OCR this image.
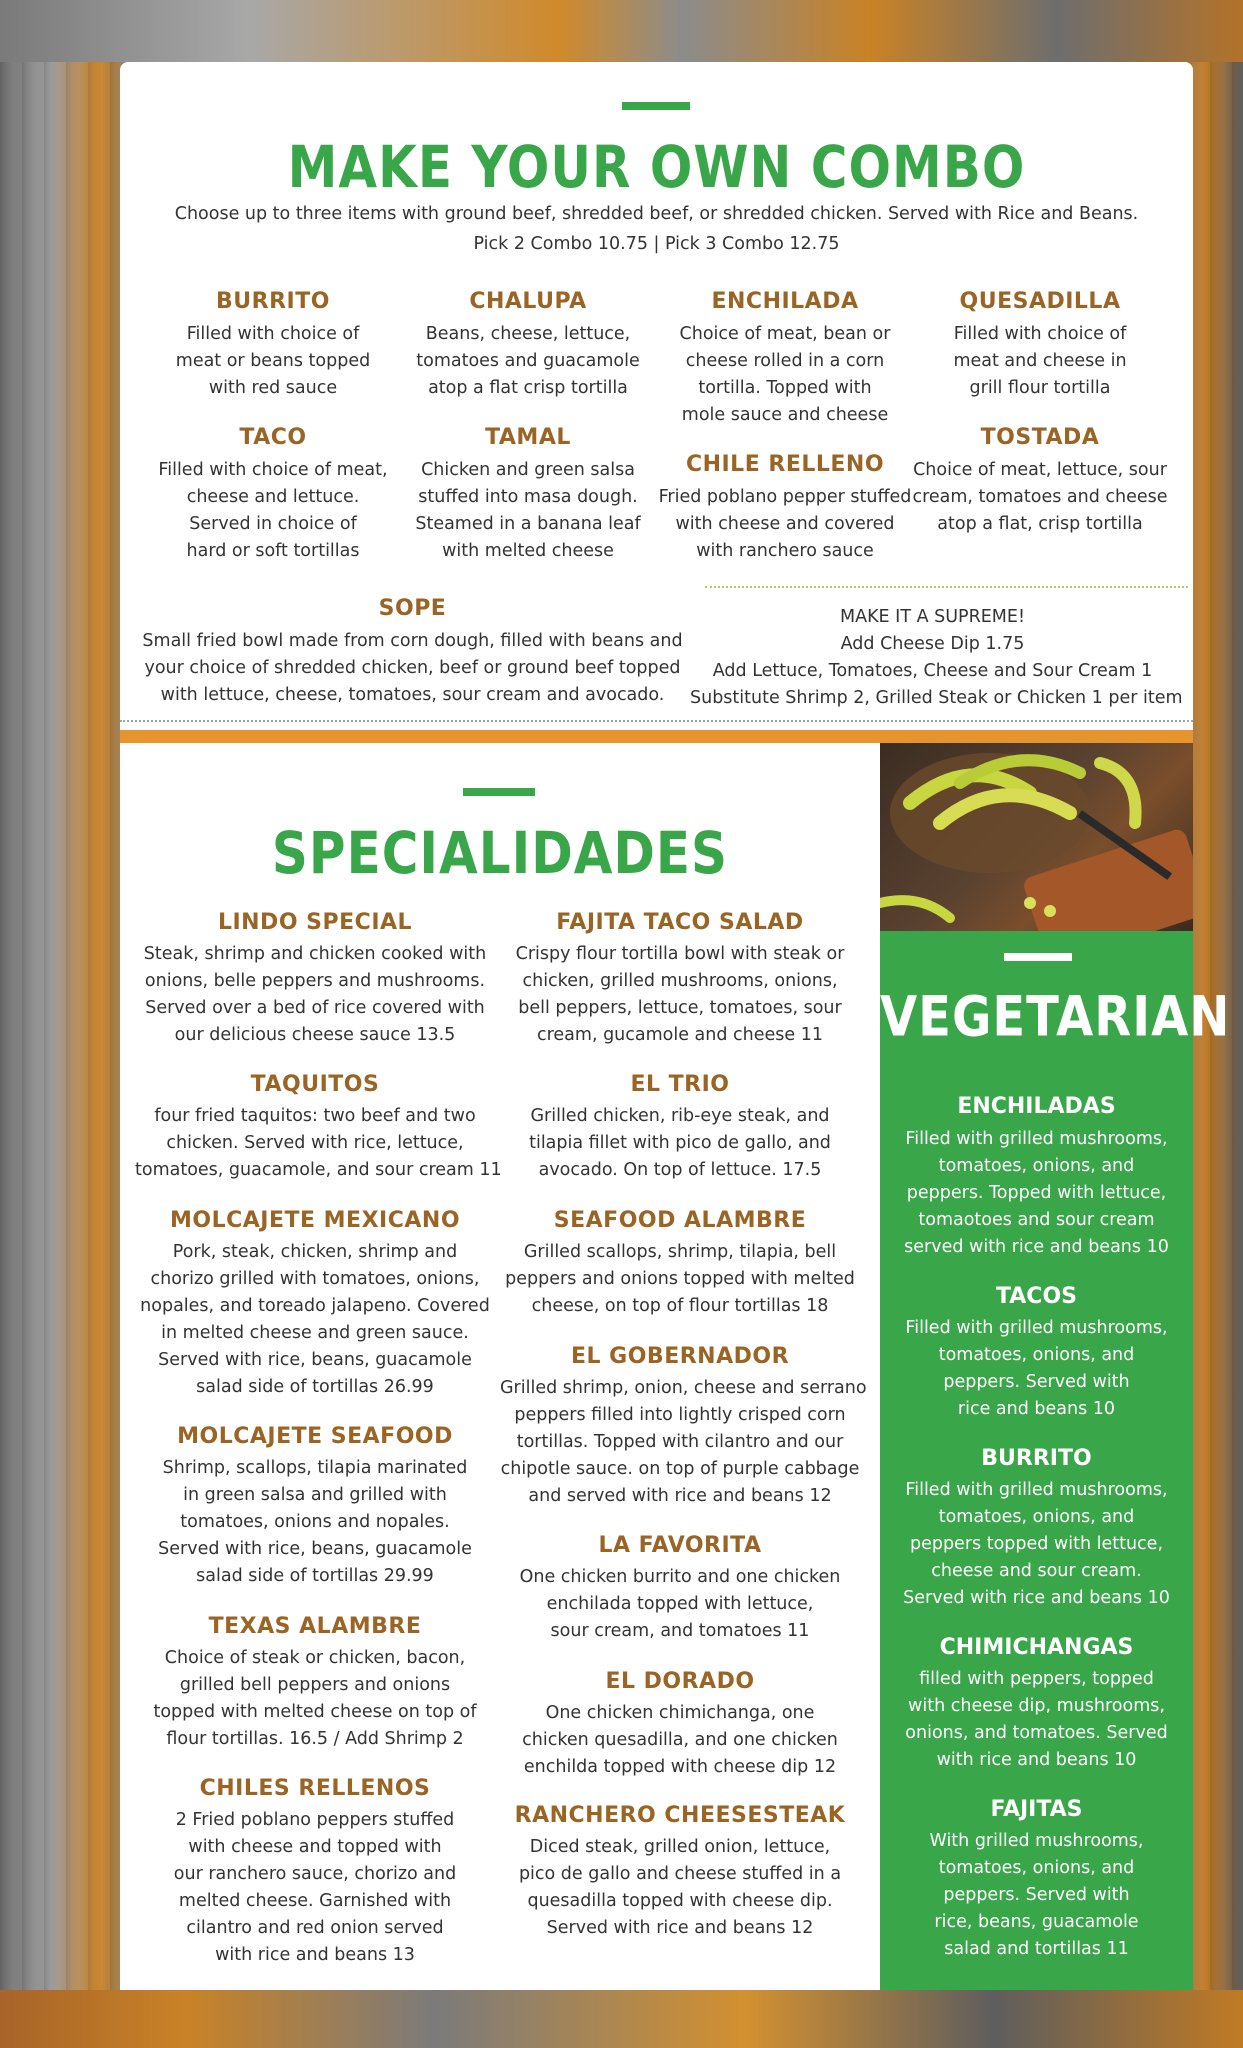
MAKE YOUR OWN COMBO
Choose up to three items with ground beef, shredded beef, or shredded chicken. Served with Rice and Beans.
Pick 2 Combo 10.75 | Pick 3 Combo 12.75
BURRITO
Filled with choice of
meat or beans topped
with red sauce
CHALUPA
Beans, cheese, lettuce,
tomatoes and guacamole
atop a flat crisp tortilla
ENCHILADA
Choice of meat, bean or
cheese rolled in a corn
tortilla. Topped with
mole sauce and cheese
QUESADILLA
Filled with choice of
meat and cheese in
grill flour tortilla
TACO
Filled with choice of meat,
cheese and lettuce.
Served in choice of
hard or soft tortillas
TAMAL
Chicken and green salsa
stuffed into masa dough.
Steamed in a banana leaf
with melted cheese
CHILE RELLENO
Fried poblano pepper stuffed
with cheese and covered
with ranchero sauce
TOSTADA
Choice of meat, lettuce, sour
cream, tomatoes and cheese
atop a flat, crisp tortilla
SOPE
Small fried bowl made from corn dough, filled with beans and
your choice of shredded chicken, beef or ground beef topped
with lettuce, cheese, tomatoes, sour cream and avocado.
MAKE IT A SUPREME!
Add Cheese Dip 1.75
Add Lettuce, Tomatoes, Cheese and Sour Cream 1
Substitute Shrimp 2, Grilled Steak or Chicken 1 per item
SPECIALIDADES
LINDO SPECIAL
Steak, shrimp and chicken cooked with
onions, belle peppers and mushrooms.
Served over a bed of rice covered with
our delicious cheese sauce 13.5
TAQUITOS
four fried taquitos: two beef and two
chicken. Served with rice, lettuce,
tomatoes, guacamole, and sour cream 11
MOLCAJETE MEXICANO
Pork, steak, chicken, shrimp and
chorizo grilled with tomatoes, onions,
nopales, and toreado jalapeno. Covered
in melted cheese and green sauce.
Served with rice, beans, guacamole
salad side of tortillas 26.99
MOLCAJETE SEAFOOD
Shrimp, scallops, tilapia marinated
in green salsa and grilled with
tomatoes, onions and nopales.
Served with rice, beans, guacamole
salad side of tortillas 29.99
TEXAS ALAMBRE
Choice of steak or chicken, bacon,
grilled bell peppers and onions
topped with melted cheese on top of
flour tortillas. 16.5 / Add Shrimp 2
CHILES RELLENOS
2 Fried poblano peppers stuffed
with cheese and topped with
our ranchero sauce, chorizo and
melted cheese. Garnished with
cilantro and red onion served
with rice and beans 13
FAJITA TACO SALAD
Crispy flour tortilla bowl with steak or
chicken, grilled mushrooms, onions,
bell peppers, lettuce, tomatoes, sour
cream, gucamole and cheese 11
EL TRIO
Grilled chicken, rib-eye steak, and
tilapia fillet with pico de gallo, and
avocado. On top of lettuce. 17.5
SEAFOOD ALAMBRE
Grilled scallops, shrimp, tilapia, bell
peppers and onions topped with melted
cheese, on top of flour tortillas 18
EL GOBERNADOR
Grilled shrimp, onion, cheese and serrano
peppers filled into lightly crisped corn
tortillas. Topped with cilantro and our
chipotle sauce. on top of purple cabbage
and served with rice and beans 12
LA FAVORITA
One chicken burrito and one chicken
enchilada topped with lettuce,
sour cream, and tomatoes 11
EL DORADO
One chicken chimichanga, one
chicken quesadilla, and one chicken
enchilda topped with cheese dip 12
RANCHERO CHEESESTEAK
Diced steak, grilled onion, lettuce,
pico de gallo and cheese stuffed in a
quesadilla topped with cheese dip.
Served with rice and beans 12
VEGETARIAN
ENCHILADAS
Filled with grilled mushrooms,
tomatoes, onions, and
peppers. Topped with lettuce,
tomaotoes and sour cream
served with rice and beans 10
TACOS
Filled with grilled mushrooms,
tomatoes, onions, and
peppers. Served with
rice and beans 10
BURRITO
Filled with grilled mushrooms,
tomatoes, onions, and
peppers topped with lettuce,
cheese and sour cream.
Served with rice and beans 10
CHIMICHANGAS
filled with peppers, topped
with cheese dip, mushrooms,
onions, and tomatoes. Served
with rice and beans 10
FAJITAS
With grilled mushrooms,
tomatoes, onions, and
peppers. Served with
rice, beans, guacamole
salad and tortillas 11
